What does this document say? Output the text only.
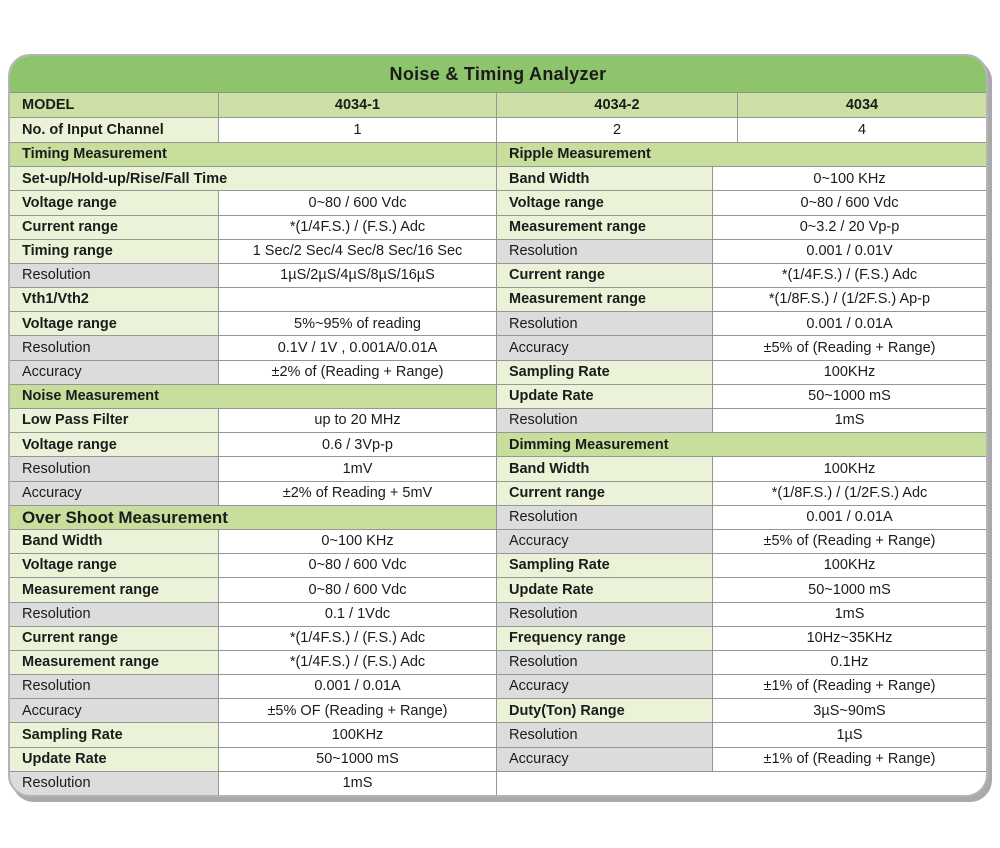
Noise & Timing Analyzer
MODEL	4034-1	4034-2	4034
No. of Input Channel	1	2	4
Timing Measurement
Set-up/Hold-up/Rise/Fall Time
Voltage range	0~80 / 600 Vdc
Current range	*(1/4F.S.) / (F.S.) Adc
Timing range	1 Sec/2 Sec/4 Sec/8 Sec/16 Sec
Resolution	1µS/2µS/4µS/8µS/16µS
Vth1/Vth2
Voltage range	5%~95% of reading
Resolution	0.1V / 1V , 0.001A/0.01A
Accuracy	±2% of (Reading + Range)
Noise Measurement
Low Pass Filter	up to 20 MHz
Voltage range	0.6 / 3Vp-p
Resolution	1mV
Accuracy	±2% of Reading + 5mV
Over Shoot Measurement
Band Width	0~100 KHz
Voltage range	0~80 / 600 Vdc
Measurement range	0~80 / 600 Vdc
Resolution	0.1 / 1Vdc
Current range	*(1/4F.S.) / (F.S.) Adc
Measurement range	*(1/4F.S.) / (F.S.) Adc
Resolution	0.001 / 0.01A
Accuracy	±5% OF (Reading + Range)
Sampling Rate	100KHz
Update Rate	50~1000 mS
Resolution	1mS
Ripple Measurement
Band Width	0~100 KHz
Voltage range	0~80 / 600 Vdc
Measurement range	0~3.2 / 20 Vp-p
Resolution	0.001 / 0.01V
Current range	*(1/4F.S.) / (F.S.) Adc
Measurement range	*(1/8F.S.) / (1/2F.S.) Ap-p
Resolution	0.001 / 0.01A
Accuracy	±5% of (Reading + Range)
Sampling Rate	100KHz
Update Rate	50~1000 mS
Resolution	1mS
Dimming Measurement
Band Width	100KHz
Current range	*(1/8F.S.) / (1/2F.S.) Adc
Resolution	0.001 / 0.01A
Accuracy	±5% of (Reading + Range)
Sampling Rate	100KHz
Update Rate	50~1000 mS
Resolution	1mS
Frequency range	10Hz~35KHz
Resolution	0.1Hz
Accuracy	±1% of (Reading + Range)
Duty(Ton) Range	3µS~90mS
Resolution	1µS
Accuracy	±1% of (Reading + Range)
